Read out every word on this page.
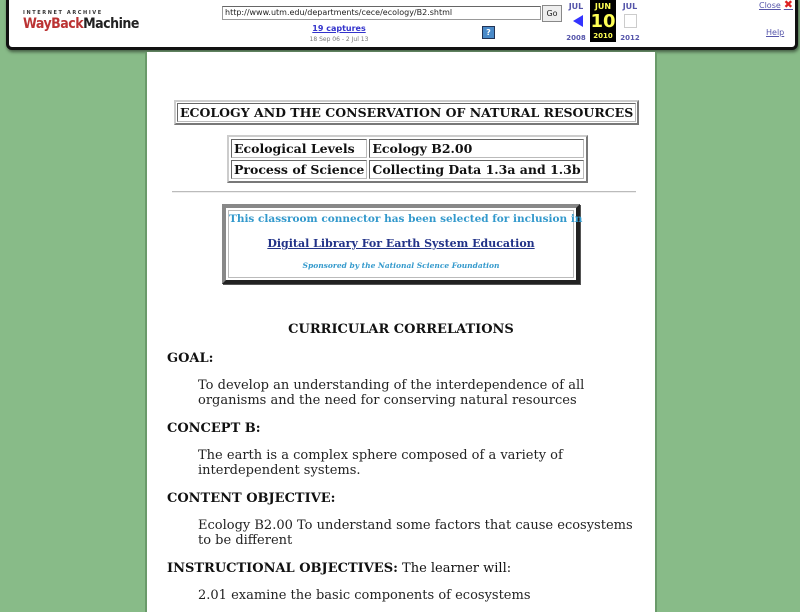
INTERNET ARCHIVE
WayBackMachine
http://www.utm.edu/departments/cece/ecology/B2.shtml	Go
19 captures
18 Sep 06 - 2 Jul 13
?
JUL
2008
JUN
10
2010
JUL
2012
Close ✖
Help
ECOLOGY AND THE CONSERVATION OF NATURAL RESOURCES
Ecological Levels	Ecology B2.00
Process of Science	Collecting Data 1.3a and 1.3b
This classroom connector has been selected for inclusion in
Digital Library For Earth System Education
Sponsored by the National Science Foundation
CURRICULAR CORRELATIONS
GOAL:
To develop an understanding of the interdependence of all organisms and the need for conserving natural resources
CONCEPT B:
The earth is a complex sphere composed of a variety of interdependent systems.
CONTENT OBJECTIVE:
Ecology B2.00 To understand some factors that cause ecosystems to be different
INSTRUCTIONAL OBJECTIVES: The learner will:
2.01 examine the basic components of ecosystems
